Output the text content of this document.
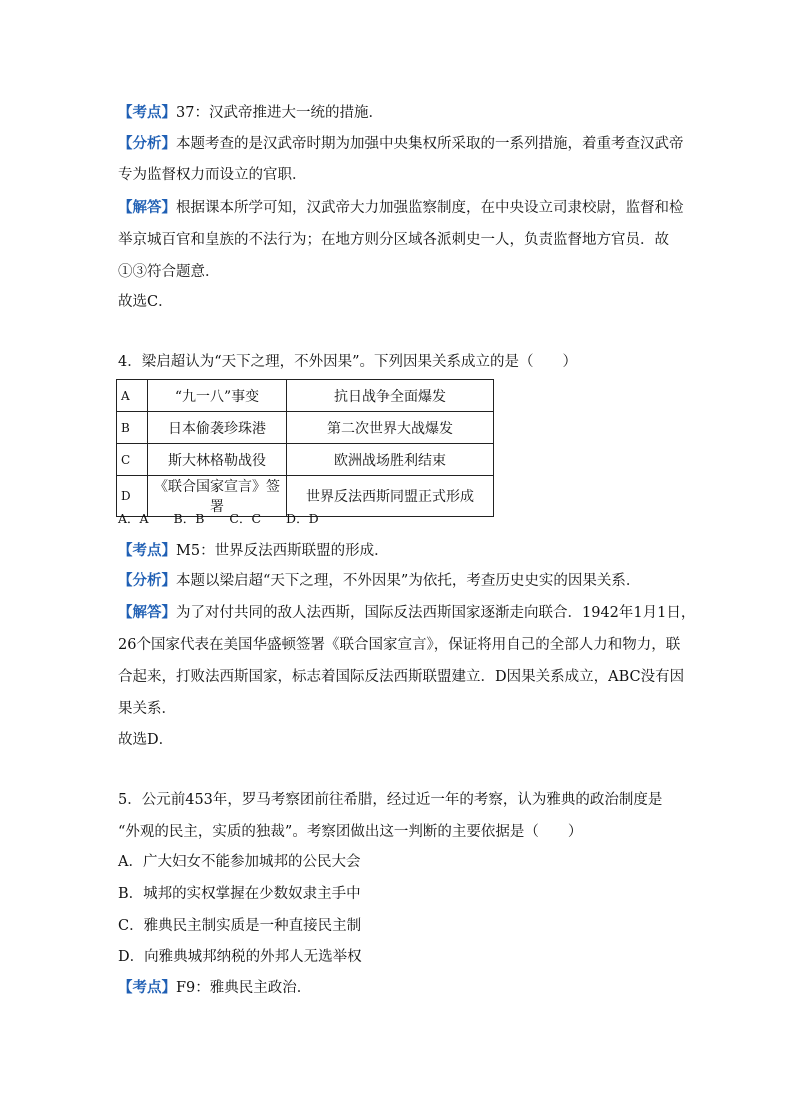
【考点】37：汉武帝推进大一统的措施．
【分析】本题考查的是汉武帝时期为加强中央集权所采取的一系列措施，着重考查汉武帝
专为监督权力而设立的官职．
【解答】根据课本所学可知，汉武帝大力加强监察制度，在中央设立司隶校尉，监督和检
举京城百官和皇族的不法行为；在地方则分区域各派刺史一人，负责监督地方官员．故
①③符合题意．
故选C．
4．梁启超认为“天下之理，不外因果”。下列因果关系成立的是（　　）
A	“九一八”事变	抗日战争全面爆发
B	日本偷袭珍珠港	第二次世界大战爆发
C	斯大林格勒战役	欧洲战场胜利结束
D	《联合国家宣言》签署	世界反法西斯同盟正式形成
A．A　　B．B　　C．C　　D．D
【考点】M5：世界反法西斯联盟的形成．
【分析】本题以梁启超“天下之理，不外因果”为依托，考查历史史实的因果关系．
【解答】为了对付共同的敌人法西斯，国际反法西斯国家逐渐走向联合．1942年1月1日，
26个国家代表在美国华盛顿签署《联合国家宣言》，保证将用自己的全部人力和物力，联
合起来，打败法西斯国家，标志着国际反法西斯联盟建立．D因果关系成立，ABC没有因
果关系．
故选D．
5．公元前453年，罗马考察团前往希腊，经过近一年的考察，认为雅典的政治制度是
“外观的民主，实质的独裁”。考察团做出这一判断的主要依据是（　　）
A．广大妇女不能参加城邦的公民大会
B．城邦的实权掌握在少数奴隶主手中
C．雅典民主制实质是一种直接民主制
D．向雅典城邦纳税的外邦人无选举权
【考点】F9：雅典民主政治．
